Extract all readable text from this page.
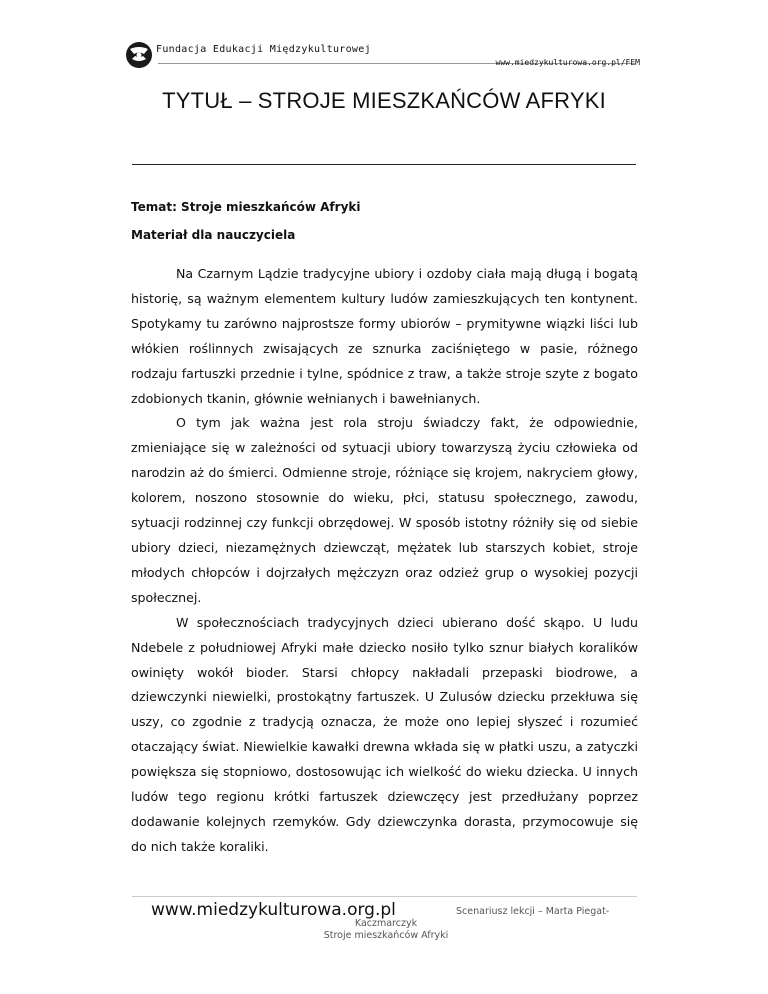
Fundacja Edukacji Międzykulturowej
www.miedzykulturowa.org.pl/FEM
TYTUŁ – STROJE MIESZKAŃCÓW AFRYKI
Temat: Stroje mieszkańców Afryki
Materiał dla nauczyciela

Na Czarnym Lądzie tradycyjne ubiory i ozdoby ciała mają długą i bogatą historię, są ważnym elementem kultury ludów zamieszkujących ten kontynent. Spotykamy tu zarówno najprostsze formy ubiorów – prymitywne wiązki liści lub włókien roślinnych zwisających ze sznurka zaciśniętego w pasie, różnego rodzaju fartuszki przednie i tylne, spódnice z traw, a także stroje szyte z bogato zdobionych tkanin, głównie wełnianych i bawełnianych.

O tym jak ważna jest rola stroju świadczy fakt, że odpowiednie, zmieniające się w zależności od sytuacji ubiory towarzyszą życiu człowieka od narodzin aż do śmierci. Odmienne stroje, różniące się krojem, nakryciem głowy, kolorem, noszono stosownie do wieku, płci, statusu społecznego, zawodu, sytuacji rodzinnej czy funkcji obrzędowej. W sposób istotny różniły się od siebie ubiory dzieci, niezamężnych dziewcząt, mężatek lub starszych kobiet, stroje młodych chłopców i dojrzałych mężczyzn oraz odzież grup o wysokiej pozycji społecznej.

W społecznościach tradycyjnych dzieci ubierano dość skąpo. U ludu Ndebele z południowej Afryki małe dziecko nosiło tylko sznur białych koralików owinięty wokół bioder. Starsi chłopcy nakładali przepaski biodrowe, a dziewczynki niewielki, prostokątny fartuszek. U Zulusów dziecku przekłuwa się uszy, co zgodnie z tradycją oznacza, że może ono lepiej słyszeć i rozumieć otaczający świat. Niewielkie kawałki drewna wkłada się w płatki uszu, a zatyczki powiększa się stopniowo, dostosowując ich wielkość do wieku dziecka. U innych ludów tego regionu krótki fartuszek dziewczęcy jest przedłużany poprzez dodawanie kolejnych rzemyków. Gdy dziewczynka dorasta, przymocowuje się do nich także koraliki.

www.miedzykulturowa.org.pl	Scenariusz lekcji – Marta Piegat-
Kaczmarczyk
Stroje mieszkańców Afryki
